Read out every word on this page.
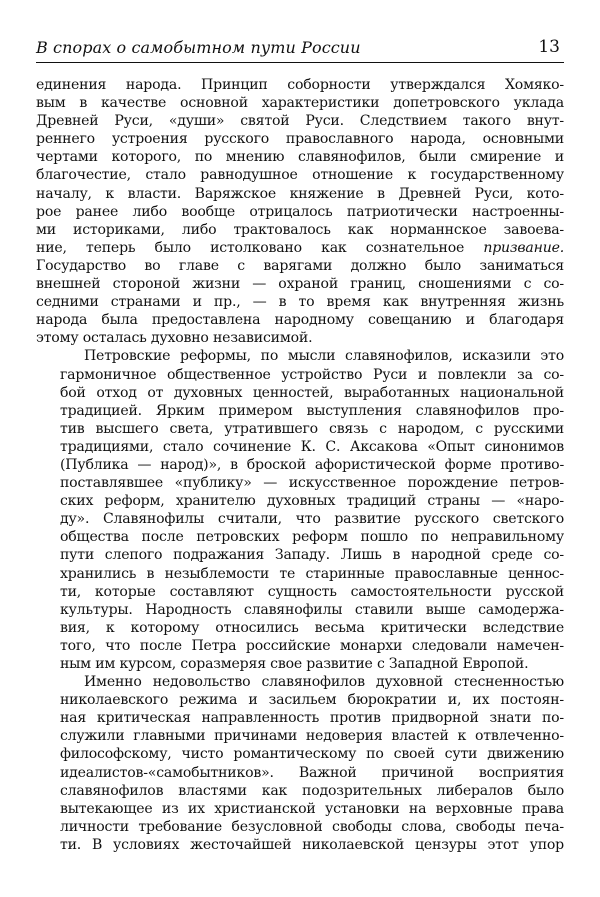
В спорах о самобытном пути России	13

единения народа. Принцип соборности утверждался Хомяко-
вым в качестве основной характеристики допетровского уклада
Древней Руси, «души» святой Руси. Следствием такого внут-
реннего устроения русского православного народа, основными
чертами которого, по мнению славянофилов, были смирение и
благочестие, стало равнодушное отношение к государственному
началу, к власти. Варяжское княжение в Древней Руси, кото-
рое ранее либо вообще отрицалось патриотически настроенны-
ми историками, либо трактовалось как норманнское завоева-
ние, теперь было истолковано как сознательное призвание.
Государство во главе с варягами должно было заниматься
внешней стороной жизни — охраной границ, сношениями с со-
седними странами и пр., — в то время как внутренняя жизнь
народа была предоставлена народному совещанию и благодаря
этому осталась духовно независимой.

Петровские реформы, по мысли славянофилов, исказили это
гармоничное общественное устройство Руси и повлекли за со-
бой отход от духовных ценностей, выработанных национальной
традицией. Ярким примером выступления славянофилов про-
тив высшего света, утратившего связь с народом, с русскими
традициями, стало сочинение К. С. Аксакова «Опыт синонимов
(Публика — народ)», в броской афористической форме противо-
поставлявшее «публику» — искусственное порождение петров-
ских реформ, хранителю духовных традиций страны — «наро-
ду». Славянофилы считали, что развитие русского светского
общества после петровских реформ пошло по неправильному
пути слепого подражания Западу. Лишь в народной среде со-
хранились в незыблемости те старинные православные ценнос-
ти, которые составляют сущность самостоятельности русской
культуры. Народность славянофилы ставили выше самодержа-
вия, к которому относились весьма критически вследствие
того, что после Петра российские монархи следовали намечен-
ным им курсом, соразмеряя свое развитие с Западной Европой.

Именно недовольство славянофилов духовной стесненностью
николаевского режима и засильем бюрократии и, их постоян-
ная критическая направленность против придворной знати по-
служили главными причинами недоверия властей к отвлеченно-
философскому, чисто романтическому по своей сути движению
идеалистов-«самобытников». Важной причиной восприятия
славянофилов властями как подозрительных либералов было
вытекающее из их христианской установки на верховные права
личности требование безусловной свободы слова, свободы печа-
ти. В условиях жесточайшей николаевской цензуры этот упор
